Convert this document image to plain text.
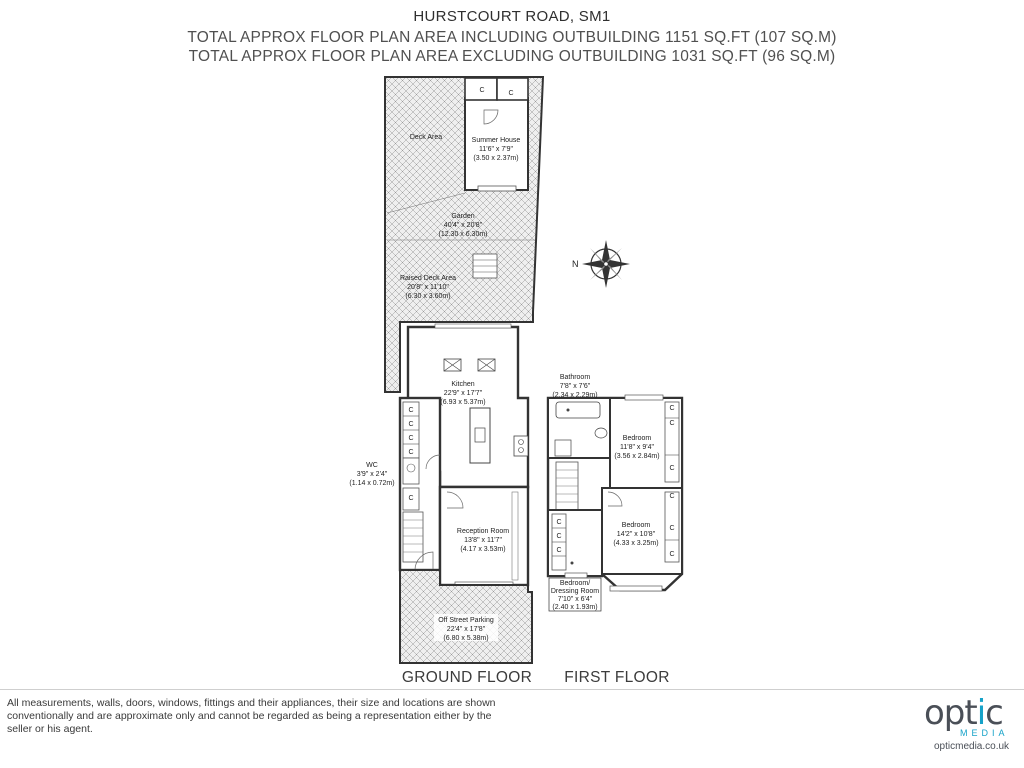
HURSTCOURT ROAD, SM1
TOTAL APPROX FLOOR PLAN AREA INCLUDING OUTBUILDING 1151 SQ.FT (107 SQ.M)
TOTAL APPROX FLOOR PLAN AREA EXCLUDING OUTBUILDING 1031 SQ.FT (96 SQ.M)
N
Deck Area	Summer House
11'6" x 7'9"
(3.50 x 2.37m)
Garden
40'4" x 20'8"
(12.30 x 6.30m)
Raised Deck Area
20'8" x 11'10"
(6.30 x 3.60m)
Kitchen
22'9" x 17'7"
(6.93 x 5.37m)
WC
3'9" x 2'4"
(1.14 x 0.72m)
Reception Room
13'8" x 11'7"
(4.17 x 3.53m)
Off Street Parking
22'4" x 17'8"
(6.80 x 5.38m)
Bathroom
7'8" x 7'6"
(2.34 x 2.29m)
Bedroom
11'8" x 9'4"
(3.56 x 2.84m)
Bedroom
14'2" x 10'8"
(4.33 x 3.25m)
Bedroom/
Dressing Room
7'10" x 6'4"
(2.40 x 1.93m)
C	C
C
C
C
C
C
C
C
C
C
C
C
C
C
C
GROUND FLOOR FIRST FLOOR
All measurements, walls, doors, windows, fittings and their appliances, their size and locations are shown conventionally and are approximate only and cannot be regarded as being a representation either by the seller or his agent.	optic
MEDIA
opticmedia.co.uk
